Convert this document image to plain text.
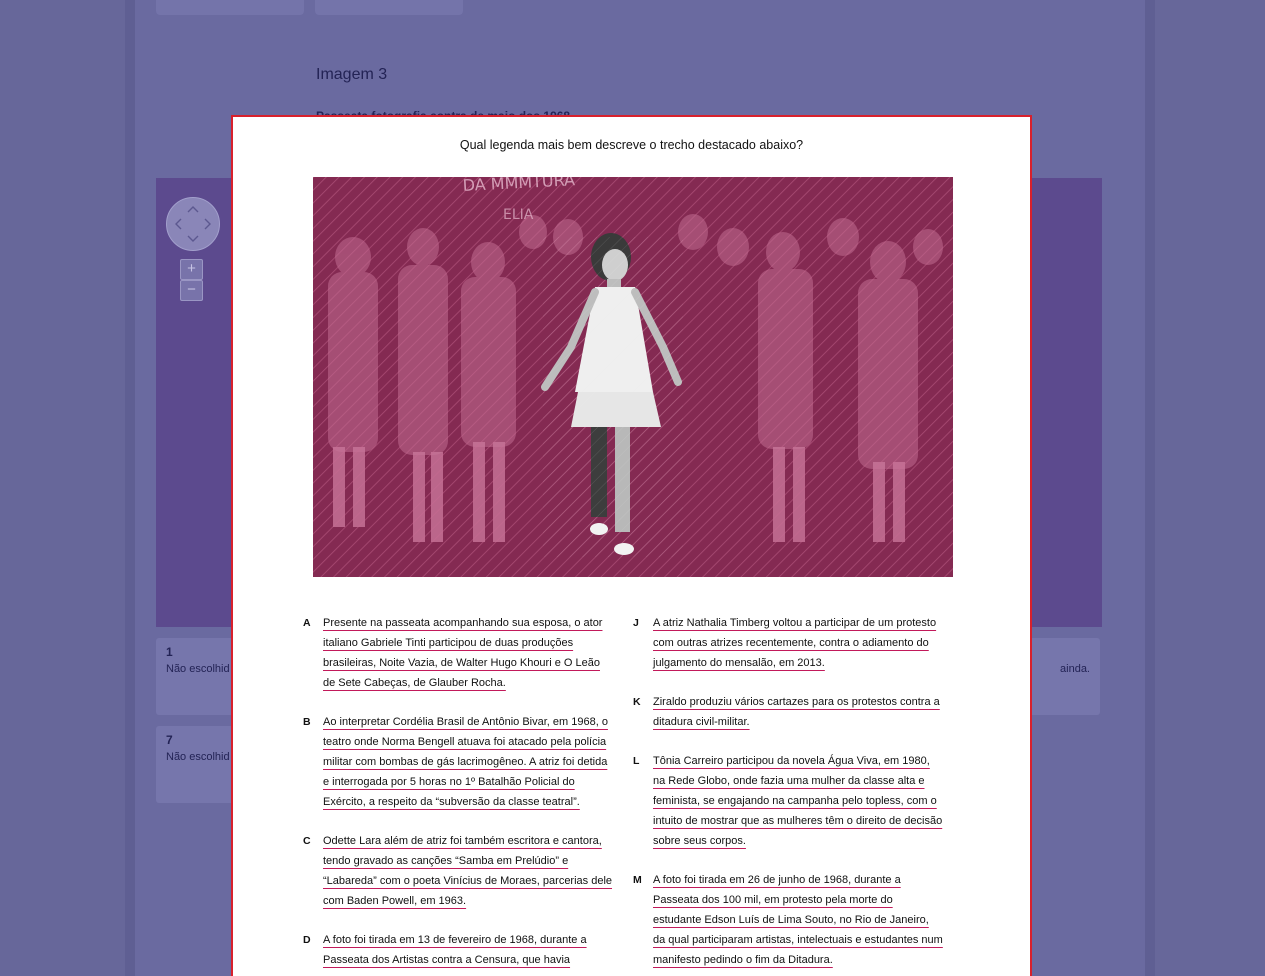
Imagem 3
+
−
1
Não escolhid	ainda.
7
Não escolhid
Qual legenda mais bem descreve o trecho destacado abaixo?
A	Presente na passeata acompanhando sua esposa, o ator italiano Gabriele Tinti participou de duas produções brasileiras, Noite Vazia, de Walter Hugo Khouri e O Leão de Sete Cabeças, de Glauber Rocha.
B	Ao interpretar Cordélia Brasil de Antônio Bivar, em 1968, o teatro onde Norma Bengell atuava foi atacado pela polícia militar com bombas de gás lacrimogêneo. A atriz foi detida e interrogada por 5 horas no 1º Batalhão Policial do Exército, a respeito da “subversão da classe teatral”.
C	Odette Lara além de atriz foi também escritora e cantora, tendo gravado as canções “Samba em Prelúdio” e “Labareda” com o poeta Vinícius de Moraes, parcerias dele com Baden Powell, em 1963.
D	A foto foi tirada em 13 de fevereiro de 1968, durante a Passeata dos Artistas contra a Censura, que havia
J	A atriz Nathalia Timberg voltou a participar de um protesto com outras atrizes recentemente, contra o adiamento do julgamento do mensalão, em 2013.
K	Ziraldo produziu vários cartazes para os protestos contra a ditadura civil-militar.
L	Tônia Carreiro participou da novela Água Viva, em 1980, na Rede Globo, onde fazia uma mulher da classe alta e feminista, se engajando na campanha pelo topless, com o intuito de mostrar que as mulheres têm o direito de decisão sobre seus corpos.
M	A foto foi tirada em 26 de junho de 1968, durante a Passeata dos 100 mil, em protesto pela morte do estudante Edson Luís de Lima Souto, no Rio de Janeiro, da qual participaram artistas, intelectuais e estudantes num manifesto pedindo o fim da Ditadura.
